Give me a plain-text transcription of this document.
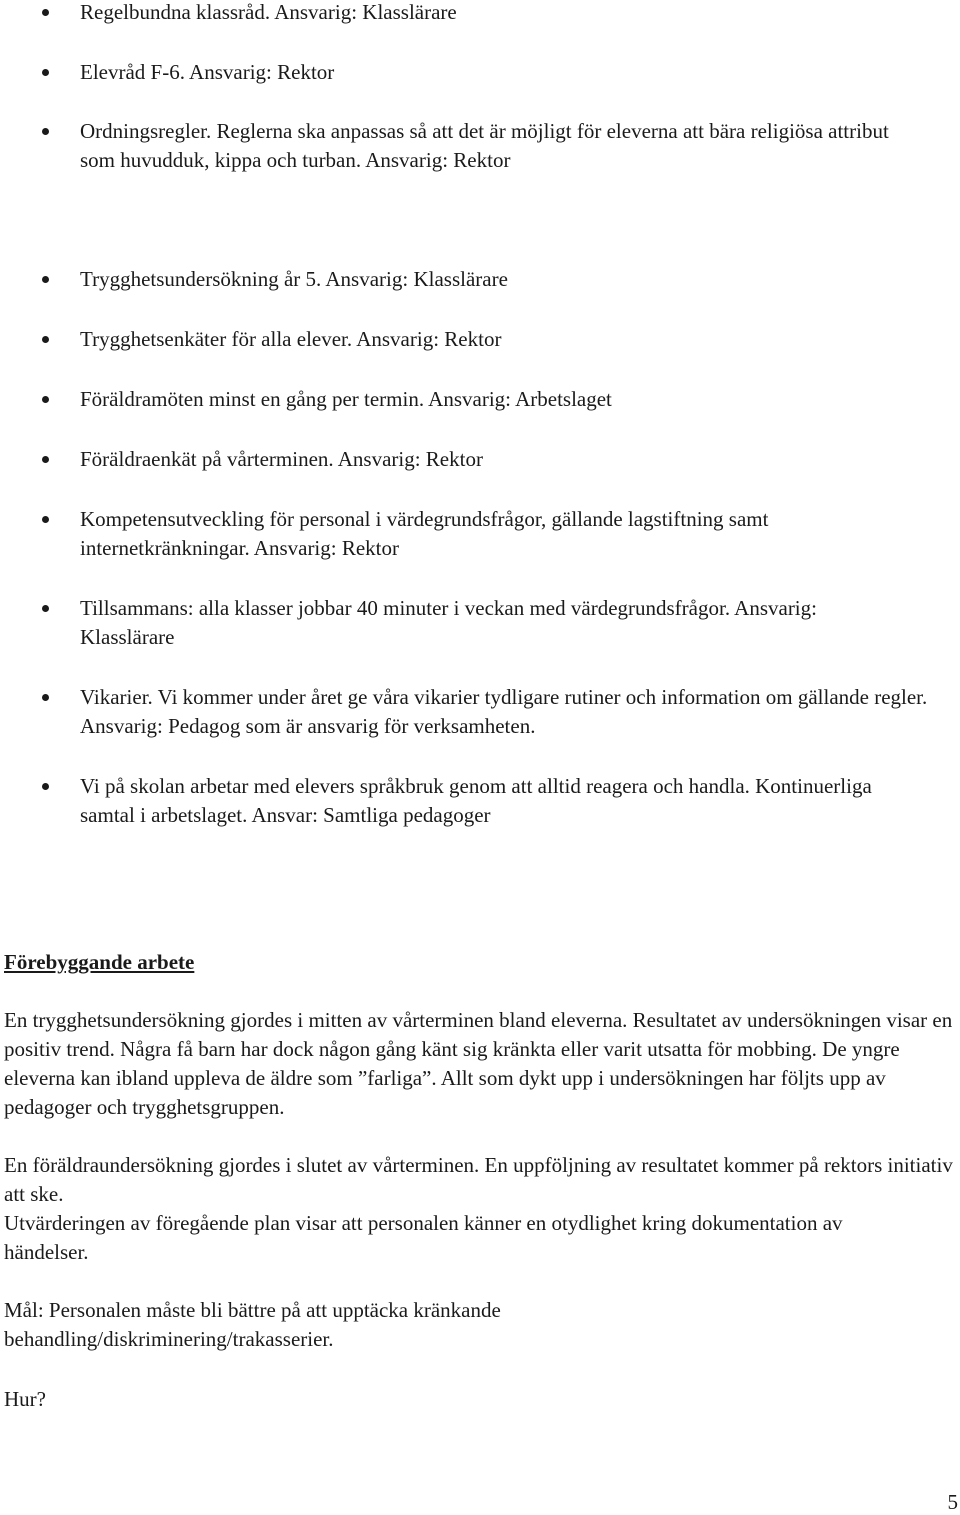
Regelbundna klassråd. Ansvarig: Klasslärare
Elevråd F-6. Ansvarig: Rektor
Ordningsregler. Reglerna ska anpassas så att det är möjligt för eleverna att bära religiösa attribut som huvudduk, kippa och turban. Ansvarig: Rektor
Trygghetsundersökning år 5. Ansvarig: Klasslärare
Trygghetsenkäter för alla elever. Ansvarig: Rektor
Föräldramöten minst en gång per termin. Ansvarig: Arbetslaget
Föräldraenkät på vårterminen. Ansvarig: Rektor
Kompetensutveckling för personal i värdegrundsfrågor, gällande lagstiftning samt internetkränkningar. Ansvarig: Rektor
Tillsammans: alla klasser jobbar 40 minuter i veckan med värdegrundsfrågor. Ansvarig: Klasslärare
Vikarier. Vi kommer under året ge våra vikarier tydligare rutiner och information om gällande regler. Ansvarig: Pedagog som är ansvarig för verksamheten.
Vi på skolan arbetar med elevers språkbruk genom att alltid reagera och handla. Kontinuerliga samtal i arbetslaget. Ansvar: Samtliga pedagoger
Förebyggande arbete
En trygghetsundersökning gjordes i mitten av vårterminen bland eleverna. Resultatet av undersökningen visar en positiv trend. Några få barn har dock någon gång känt sig kränkta eller varit utsatta för mobbing. De yngre eleverna kan ibland uppleva de äldre som ”farliga”. Allt som dykt upp i undersökningen har följts upp av pedagoger och trygghetsgruppen.
En föräldraundersökning gjordes i slutet av vårterminen. En uppföljning av resultatet kommer på rektors initiativ att ske.
Utvärderingen av föregående plan visar att personalen känner en otydlighet kring dokumentation av händelser.
Mål: Personalen måste bli bättre på att upptäcka kränkande behandling/diskriminering/trakasserier.
Hur?
5
